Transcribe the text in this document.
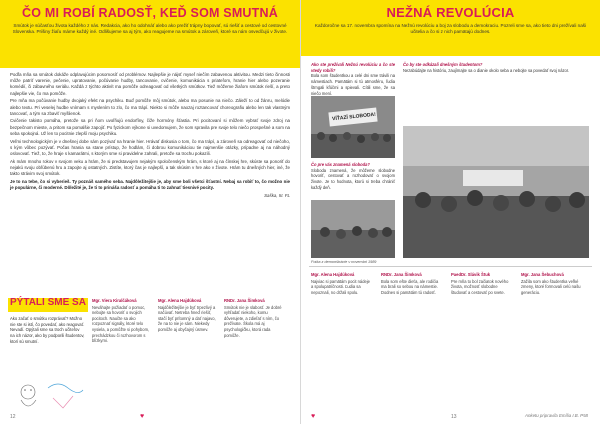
ČO MI ROBÍ RADOSŤ, KEĎ SOM SMUTNÁ
Smútok je súčasťou života každého z nás. Redakcia, ako ho odohnáť alebo ako prežiť trápny bopovať, sú riešiť a cestové od cestovné Slovenska. Prišiny žiaľu máme každý iné. Odlišujeme sa aj tým, ako reagujeme na smútok a zároveň, ktoré sa nám osvedčujú v živote.

Podľa mňa sa smútok dokáže odplavujúcim posomosíť od problémov. Najlepšie je nájsť myseľ niečím zabavenou aktivitou. Medzi tieto činnosti môže patriť varenie, pečenie, upratovanie, počúvanie hudby, tancovanie, cvičenie, komunikácia s priateľom, hranie hier alebo pozeranie komédií, či zábavného seriálu. Každá z týchto aktivít ma pomôže odreagovať od všetkých smútkov. Tiež môžeme žiaľom smútok rieší, a preto najlepšie vie, čo ma pomôže.

Pre mňa ma počúvanie hudby dvojaký efekt na psychiku. Buď pomôže môj smútok, alebo ma posunie na niečo. Záleží to od žánru, melódie alebo textu. Pri veselej hudbe vnímam s myslením to zlo, čo ma trápí. Niekto si môže naozaj roztancovať choreografiu alebo len tak vlastným tancovať, a tým sa zbaviť myšlienok.

Cvičenie takisto pomáha, pretože sa pri ňom uvoľňujú endorfíny, čiže hormóny šťastia. Pri pocitovaní si môžem vybrať svoje zdroj na bezpečnom mieste, a pritom sa pomalšie zapojiť. Po fyzickom výkone si uvedomujem, že som spravila pre svoje telo niečo prospešné a som na seba spokojná. Už len to pocitnie zlepší moju psychiku.

Veľmi technologickým je v dnešnej dobe sám pozývať na hranie hier. Hrávať diskusia o tom, čo ma trápí, a zároveň sa odreagovať od niečoho, s kým vôbec pozývať. Počas hrania sa stane prístup, že hodlám, či dobrou komunikáciou tie najmenšie otázky, prípadne aj na náhodný oslovovať. Tiež, to, že hraje s kamarátmi, s ktorým sme si pravidelne zahrali, pretože sa trochu pokazili.

Ak mám mnoho rokov v svojom veku a hrám, že si predstavujem nejakým spoločenským hrám, s ktoré aj na čínskej hre, skúste sa ponoriť do nejakú svoju obľúbenú hru a zapojte aj ostatných. Zistíte, ktorý čas je najlepší, a tak skúsim v hre ako v živote. Hrám tu dnešných hier, iné, že takto strávim svoj smútok.

Je to na tebe, čo si vyberieš. Ty poznáš samého seba. Najdôležitejšie je, aby sme boli všetci šťastní. Nebaj sa robiť to, čo možno nie je populárne, či moderné. Dôležité je, že ti to prináša radosť a pomáha ti to zahnať tiesnivé pocity.

Saška, III. FL

PÝTALI SME SA
Ako začať o smútku rozprávať? Možno nie ste si istí, čo povedať, ako reagovať. Nevadí. Opýtali sme sa troch učiteľov na ich názor, ako by podporili študentov, ktorí sú smutní.
Mgr. Viera Kiralčáková
Neváhajte požiadať o pomoc, nebojte sa hovoriť o svojich pocitoch. Naučte sa ako rozpoznať signály, ktoré telo vysiela, a pomôžte si pohybom, prechádzkou či rozhovorom s blízkymi.
Mgr. Alena Hajdúková
Najdôležitejšie je byť trpezlivý a načúvať. Netreba hneď riešiť, stačí byť prítomný a dať najavo, že na to nie je sám. Niekedy pomôže aj obyčajný úsmev.
RNDr. Jana Šimková
Smútok nie je slabosť. Je dobré vyhľadať niekoho, komu dôverujete, a zdieľať s ním, čo prežívate. Škola má aj psychologičku, ktorá rada pomôže.
12	♥
NEŽNÁ REVOLÚCIA
Každoročne sa 17. novembra spomína na Nežnú revolúciu a boj za slobodu a demokraciu. Pozreli sme sa, ako tieto dni prežívali naši učitelia a čo si z nich pamätajú dodnes.
Ako ste prežívali Nežnú revolúciu a čo ste vtedy robili?
Bola som študentkou a celé dni sme trávili na námestiach. Pamätám si tú atmosféru, ľudia štrngali kľúčmi a spievali. Cítili sme, že sa niečo mení.
VÍŤAZÍ SLOBODA!
Čo pre vás znamená sloboda?
Sloboda znamená, že môžeme slobodne hovoriť, cestovať a rozhodovať o svojom živote. Je to hodnota, ktorú si treba chrániť každý deň.
Fotka z demonštrácie v novembri 1989
Čo by ste odkázali dnešným študentom?
Nezabúdajte na históriu, zaujímajte sa o dianie okolo seba a nebojte sa povedať svoj názor.
Mgr. Alena Hajdúková
Najviac si pamätám pocit nádeje a spolupatričnosti. Ľudia sa nepoznali, no držali spolu.
RNDr. Jana Šimková
Bola som ešte dieťa, ale rodičia ma brali so sebou na námestie. Dodnes si pamätám tú radosť.
PaedDr. Slávik Štuk
Pre mňa to bol začiatok nového života, možnosť slobodne študovať a cestovať po svete.
Mgr. Jana Šebuchová
Zažila som ako študentka veľké zmeny, ktoré formovali celú našu generáciu.
Anketu pripravila Emília I.B. P58
♥	13
